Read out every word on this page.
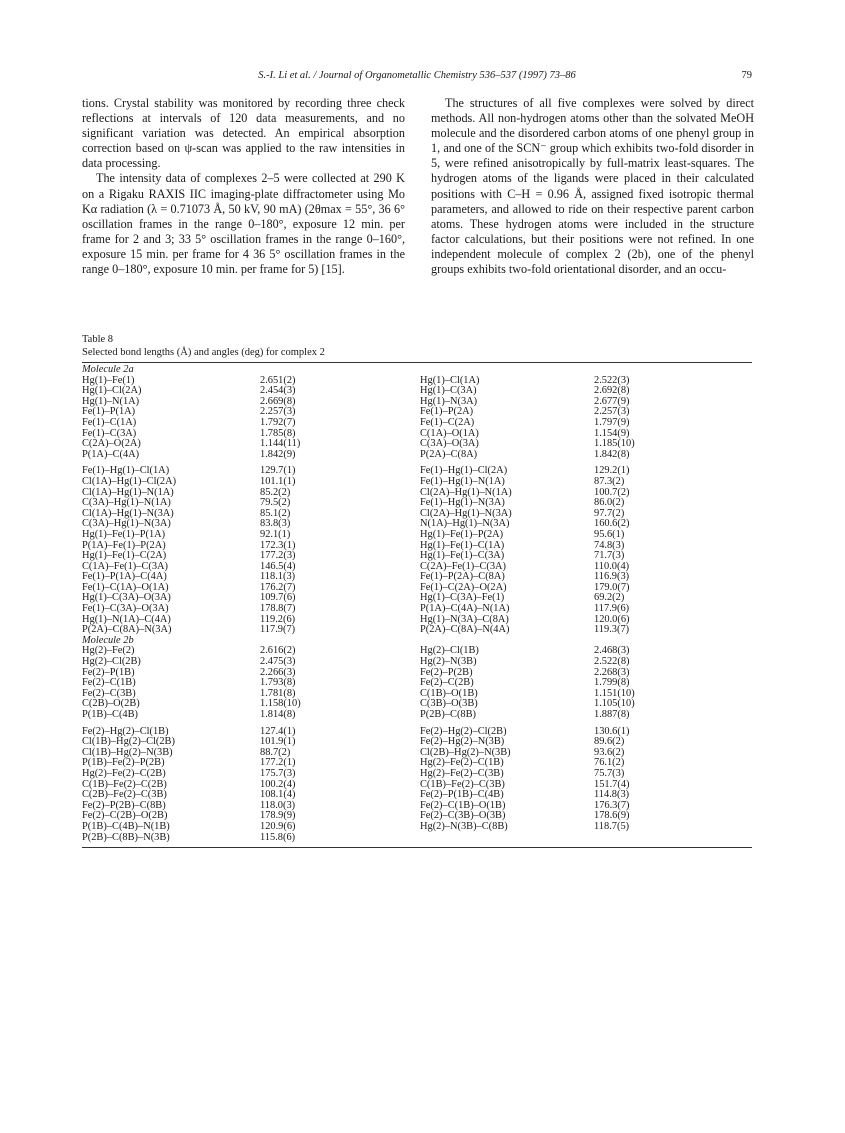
S.-I. Li et al. / Journal of Organometallic Chemistry 536–537 (1997) 73–86	79

tions. Crystal stability was monitored by recording three check reflections at intervals of 120 data measurements, and no significant variation was detected. An empirical absorption correction based on ψ-scan was applied to the raw intensities in data processing.

The intensity data of complexes 2–5 were collected at 290 K on a Rigaku RAXIS IIC imaging-plate diffractometer using Mo Kα radiation (λ = 0.71073 Å, 50 kV, 90 mA) (2θmax = 55°, 36 6° oscillation frames in the range 0–180°, exposure 12 min. per frame for 2 and 3; 33 5° oscillation frames in the range 0–160°, exposure 15 min. per frame for 4 36 5° oscillation frames in the range 0–180°, exposure 10 min. per frame for 5) [15].

The structures of all five complexes were solved by direct methods. All non-hydrogen atoms other than the solvated MeOH molecule and the disordered carbon atoms of one phenyl group in 1, and one of the SCN⁻ group which exhibits two-fold disorder in 5, were refined anisotropically by full-matrix least-squares. The hydrogen atoms of the ligands were placed in their calculated positions with C–H = 0.96 Å, assigned fixed isotropic thermal parameters, and allowed to ride on their respective parent carbon atoms. These hydrogen atoms were included in the structure factor calculations, but their positions were not refined. In one independent molecule of complex 2 (2b), one of the phenyl groups exhibits two-fold orientational disorder, and an occu-

Table 8
Selected bond lengths (Å) and angles (deg) for complex 2
Molecule 2a
Hg(1)–Fe(1)	2.651(2)	Hg(1)–Cl(1A)	2.522(3)
Hg(1)–Cl(2A)	2.454(3)	Hg(1)–C(3A)	2.692(8)
Hg(1)–N(1A)	2.669(8)	Hg(1)–N(3A)	2.677(9)
Fe(1)–P(1A)	2.257(3)	Fe(1)–P(2A)	2.257(3)
Fe(1)–C(1A)	1.792(7)	Fe(1)–C(2A)	1.797(9)
Fe(1)–C(3A)	1.785(8)	C(1A)–O(1A)	1.154(9)
C(2A)–O(2A)	1.144(11)	C(3A)–O(3A)	1.185(10)
P(1A)–C(4A)	1.842(9)	P(2A)–C(8A)	1.842(8)
Fe(1)–Hg(1)–Cl(1A)	129.7(1)	Fe(1)–Hg(1)–Cl(2A)	129.2(1)
Cl(1A)–Hg(1)–Cl(2A)	101.1(1)	Fe(1)–Hg(1)–N(1A)	87.3(2)
Cl(1A)–Hg(1)–N(1A)	85.2(2)	Cl(2A)–Hg(1)–N(1A)	100.7(2)
C(3A)–Hg(1)–N(1A)	79.5(2)	Fe(1)–Hg(1)–N(3A)	86.0(2)
Cl(1A)–Hg(1)–N(3A)	85.1(2)	Cl(2A)–Hg(1)–N(3A)	97.7(2)
C(3A)–Hg(1)–N(3A)	83.8(3)	N(1A)–Hg(1)–N(3A)	160.6(2)
Hg(1)–Fe(1)–P(1A)	92.1(1)	Hg(1)–Fe(1)–P(2A)	95.6(1)
P(1A)–Fe(1)–P(2A)	172.3(1)	Hg(1)–Fe(1)–C(1A)	74.8(3)
Hg(1)–Fe(1)–C(2A)	177.2(3)	Hg(1)–Fe(1)–C(3A)	71.7(3)
C(1A)–Fe(1)–C(3A)	146.5(4)	C(2A)–Fe(1)–C(3A)	110.0(4)
Fe(1)–P(1A)–C(4A)	118.1(3)	Fe(1)–P(2A)–C(8A)	116.9(3)
Fe(1)–C(1A)–O(1A)	176.2(7)	Fe(1)–C(2A)–O(2A)	179.0(7)
Hg(1)–C(3A)–O(3A)	109.7(6)	Hg(1)–C(3A)–Fe(1)	69.2(2)
Fe(1)–C(3A)–O(3A)	178.8(7)	P(1A)–C(4A)–N(1A)	117.9(6)
Hg(1)–N(1A)–C(4A)	119.2(6)	Hg(1)–N(3A)–C(8A)	120.0(6)
P(2A)–C(8A)–N(3A)	117.9(7)	P(2A)–C(8A)–N(4A)	119.3(7)
Molecule 2b
Hg(2)–Fe(2)	2.616(2)	Hg(2)–Cl(1B)	2.468(3)
Hg(2)–Cl(2B)	2.475(3)	Hg(2)–N(3B)	2.522(8)
Fe(2)–P(1B)	2.266(3)	Fe(2)–P(2B)	2.268(3)
Fe(2)–C(1B)	1.793(8)	Fe(2)–C(2B)	1.799(8)
Fe(2)–C(3B)	1.781(8)	C(1B)–O(1B)	1.151(10)
C(2B)–O(2B)	1.158(10)	C(3B)–O(3B)	1.105(10)
P(1B)–C(4B)	1.814(8)	P(2B)–C(8B)	1.887(8)
Fe(2)–Hg(2)–Cl(1B)	127.4(1)	Fe(2)–Hg(2)–Cl(2B)	130.6(1)
Cl(1B)–Hg(2)–Cl(2B)	101.9(1)	Fe(2)–Hg(2)–N(3B)	89.6(2)
Cl(1B)–Hg(2)–N(3B)	88.7(2)	Cl(2B)–Hg(2)–N(3B)	93.6(2)
P(1B)–Fe(2)–P(2B)	177.2(1)	Hg(2)–Fe(2)–C(1B)	76.1(2)
Hg(2)–Fe(2)–C(2B)	175.7(3)	Hg(2)–Fe(2)–C(3B)	75.7(3)
C(1B)–Fe(2)–C(2B)	100.2(4)	C(1B)–Fe(2)–C(3B)	151.7(4)
C(2B)–Fe(2)–C(3B)	108.1(4)	Fe(2)–P(1B)–C(4B)	114.8(3)
Fe(2)–P(2B)–C(8B)	118.0(3)	Fe(2)–C(1B)–O(1B)	176.3(7)
Fe(2)–C(2B)–O(2B)	178.9(9)	Fe(2)–C(3B)–O(3B)	178.6(9)
P(1B)–C(4B)–N(1B)	120.9(6)	Hg(2)–N(3B)–C(8B)	118.7(5)
P(2B)–C(8B)–N(3B)	115.8(6)
